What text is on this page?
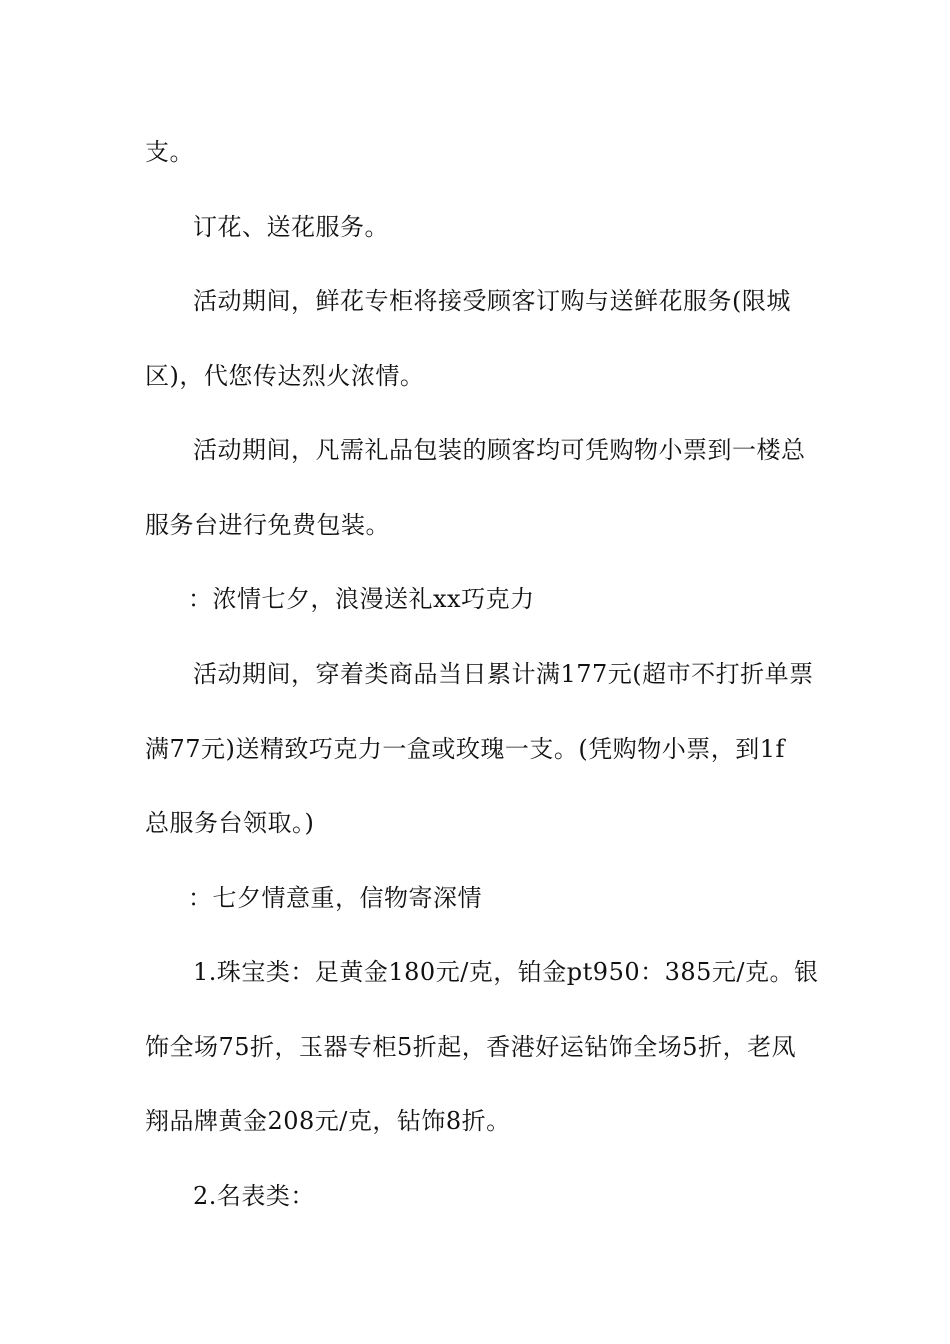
支。
订花、送花服务。
活动期间，鲜花专柜将接受顾客订购与送鲜花服务(限城
区)，代您传达烈火浓情。
活动期间，凡需礼品包装的顾客均可凭购物小票到一楼总
服务台进行免费包装。
：浓情七夕，浪漫送礼xx巧克力
活动期间，穿着类商品当日累计满177元(超市不打折单票
满77元)送精致巧克力一盒或玫瑰一支。(凭购物小票，到1f
总服务台领取。)
：七夕情意重，信物寄深情
1.珠宝类：足黄金180元/克，铂金pt950：385元/克。银
饰全场75折，玉器专柜5折起，香港好运钻饰全场5折，老凤
翔品牌黄金208元/克，钻饰8折。
2.名表类：
